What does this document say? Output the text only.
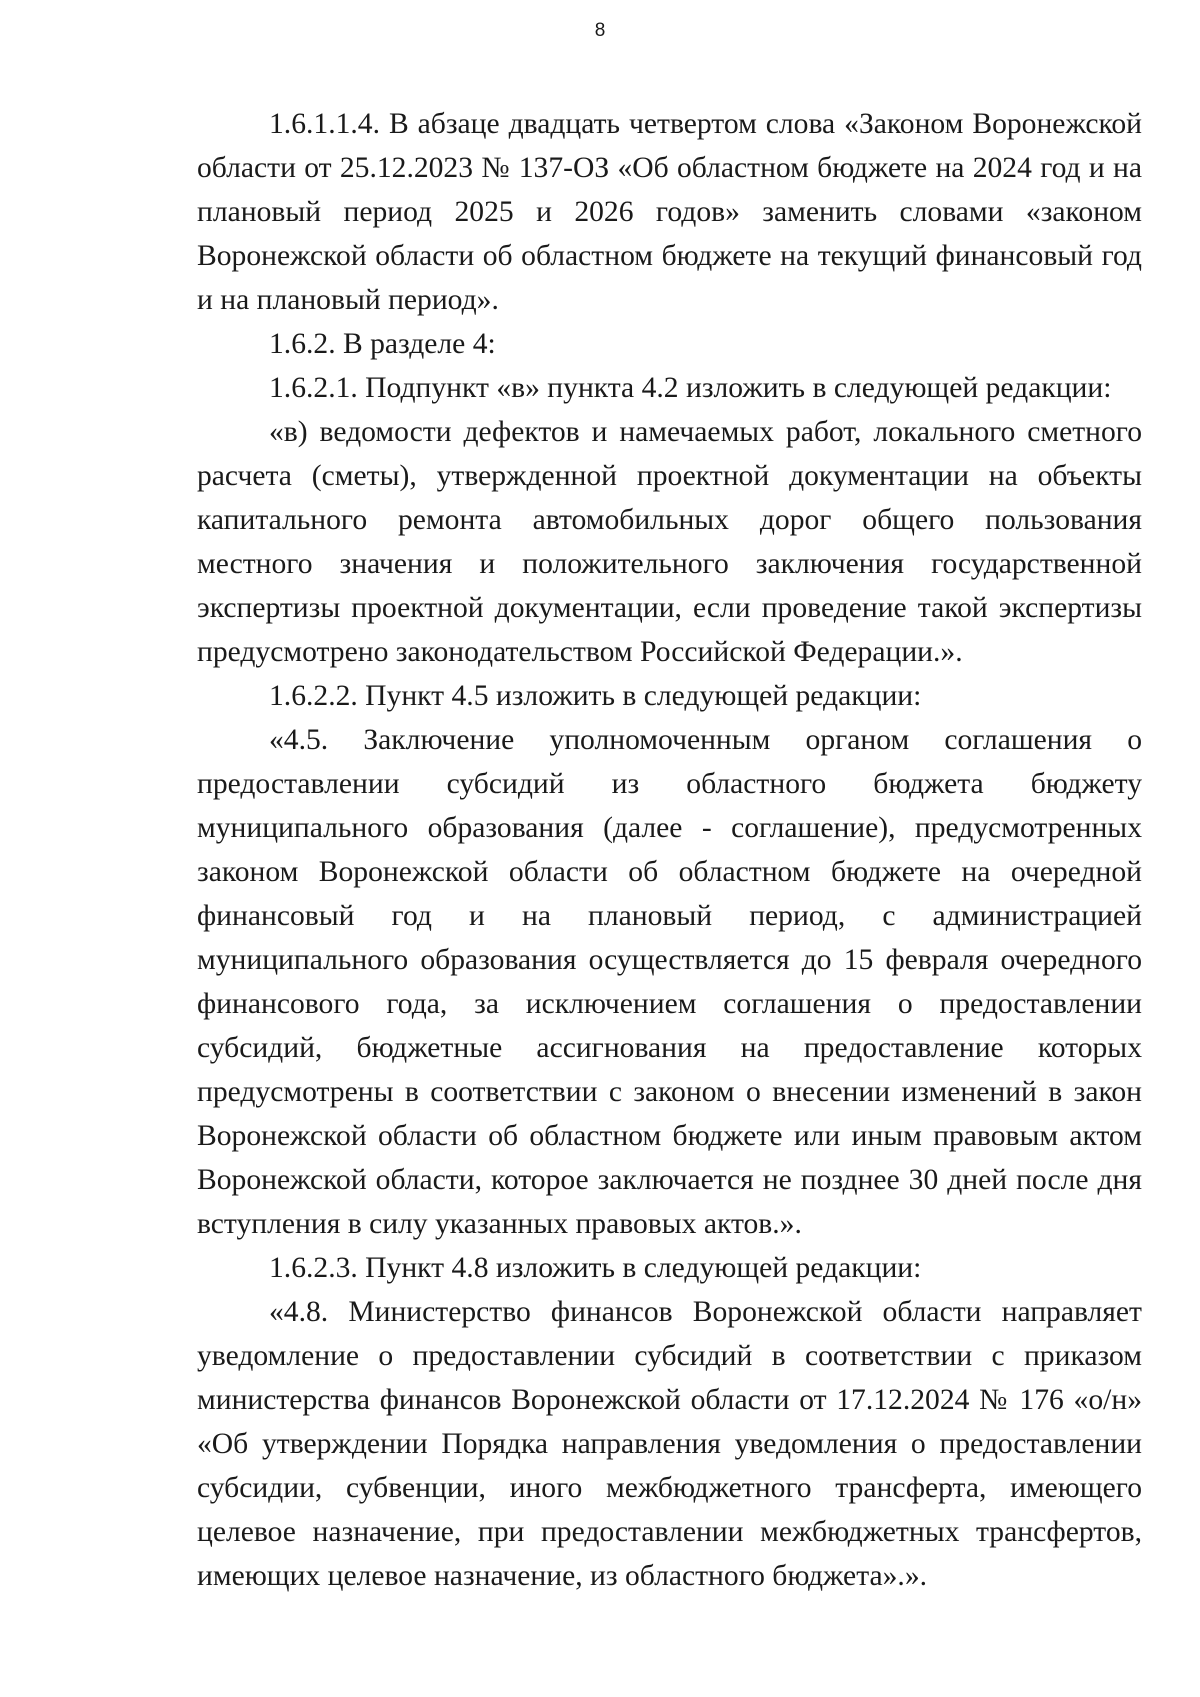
8

1.6.1.1.4. В абзаце двадцать четвертом слова «Законом Воронежской области от 25.12.2023 № 137-ОЗ «Об областном бюджете на 2024 год и на плановый период 2025 и 2026 годов» заменить словами «законом Воронежской области об областном бюджете на текущий финансовый год и на плановый период».

1.6.2. В разделе 4:

1.6.2.1. Подпункт «в» пункта 4.2 изложить в следующей редакции:

«в) ведомости дефектов и намечаемых работ, локального сметного расчета (сметы), утвержденной проектной документации на объекты капитального ремонта автомобильных дорог общего пользования местного значения и положительного заключения государственной экспертизы проектной документации, если проведение такой экспертизы предусмотрено законодательством Российской Федерации.».

1.6.2.2. Пункт 4.5 изложить в следующей редакции:

«4.5. Заключение уполномоченным органом соглашения о предоставлении субсидий из областного бюджета бюджету муниципального образования (далее - соглашение), предусмотренных законом Воронежской области об областном бюджете на очередной финансовый год и на плановый период, с администрацией муниципального образования осуществляется до 15 февраля очередного финансового года, за исключением соглашения о предоставлении субсидий, бюджетные ассигнования на предоставление которых предусмотрены в соответствии с законом о внесении изменений в закон Воронежской области об областном бюджете или иным правовым актом Воронежской области, которое заключается не позднее 30 дней после дня вступления в силу указанных правовых актов.».

1.6.2.3. Пункт 4.8 изложить в следующей редакции:

«4.8. Министерство финансов Воронежской области направляет уведомление о предоставлении субсидий в соответствии с приказом министерства финансов Воронежской области от 17.12.2024 № 176 «о/н» «Об утверждении Порядка направления уведомления о предоставлении субсидии, субвенции, иного межбюджетного трансферта, имеющего целевое назначение, при предоставлении межбюджетных трансфертов, имеющих целевое назначение, из областного бюджета».».
